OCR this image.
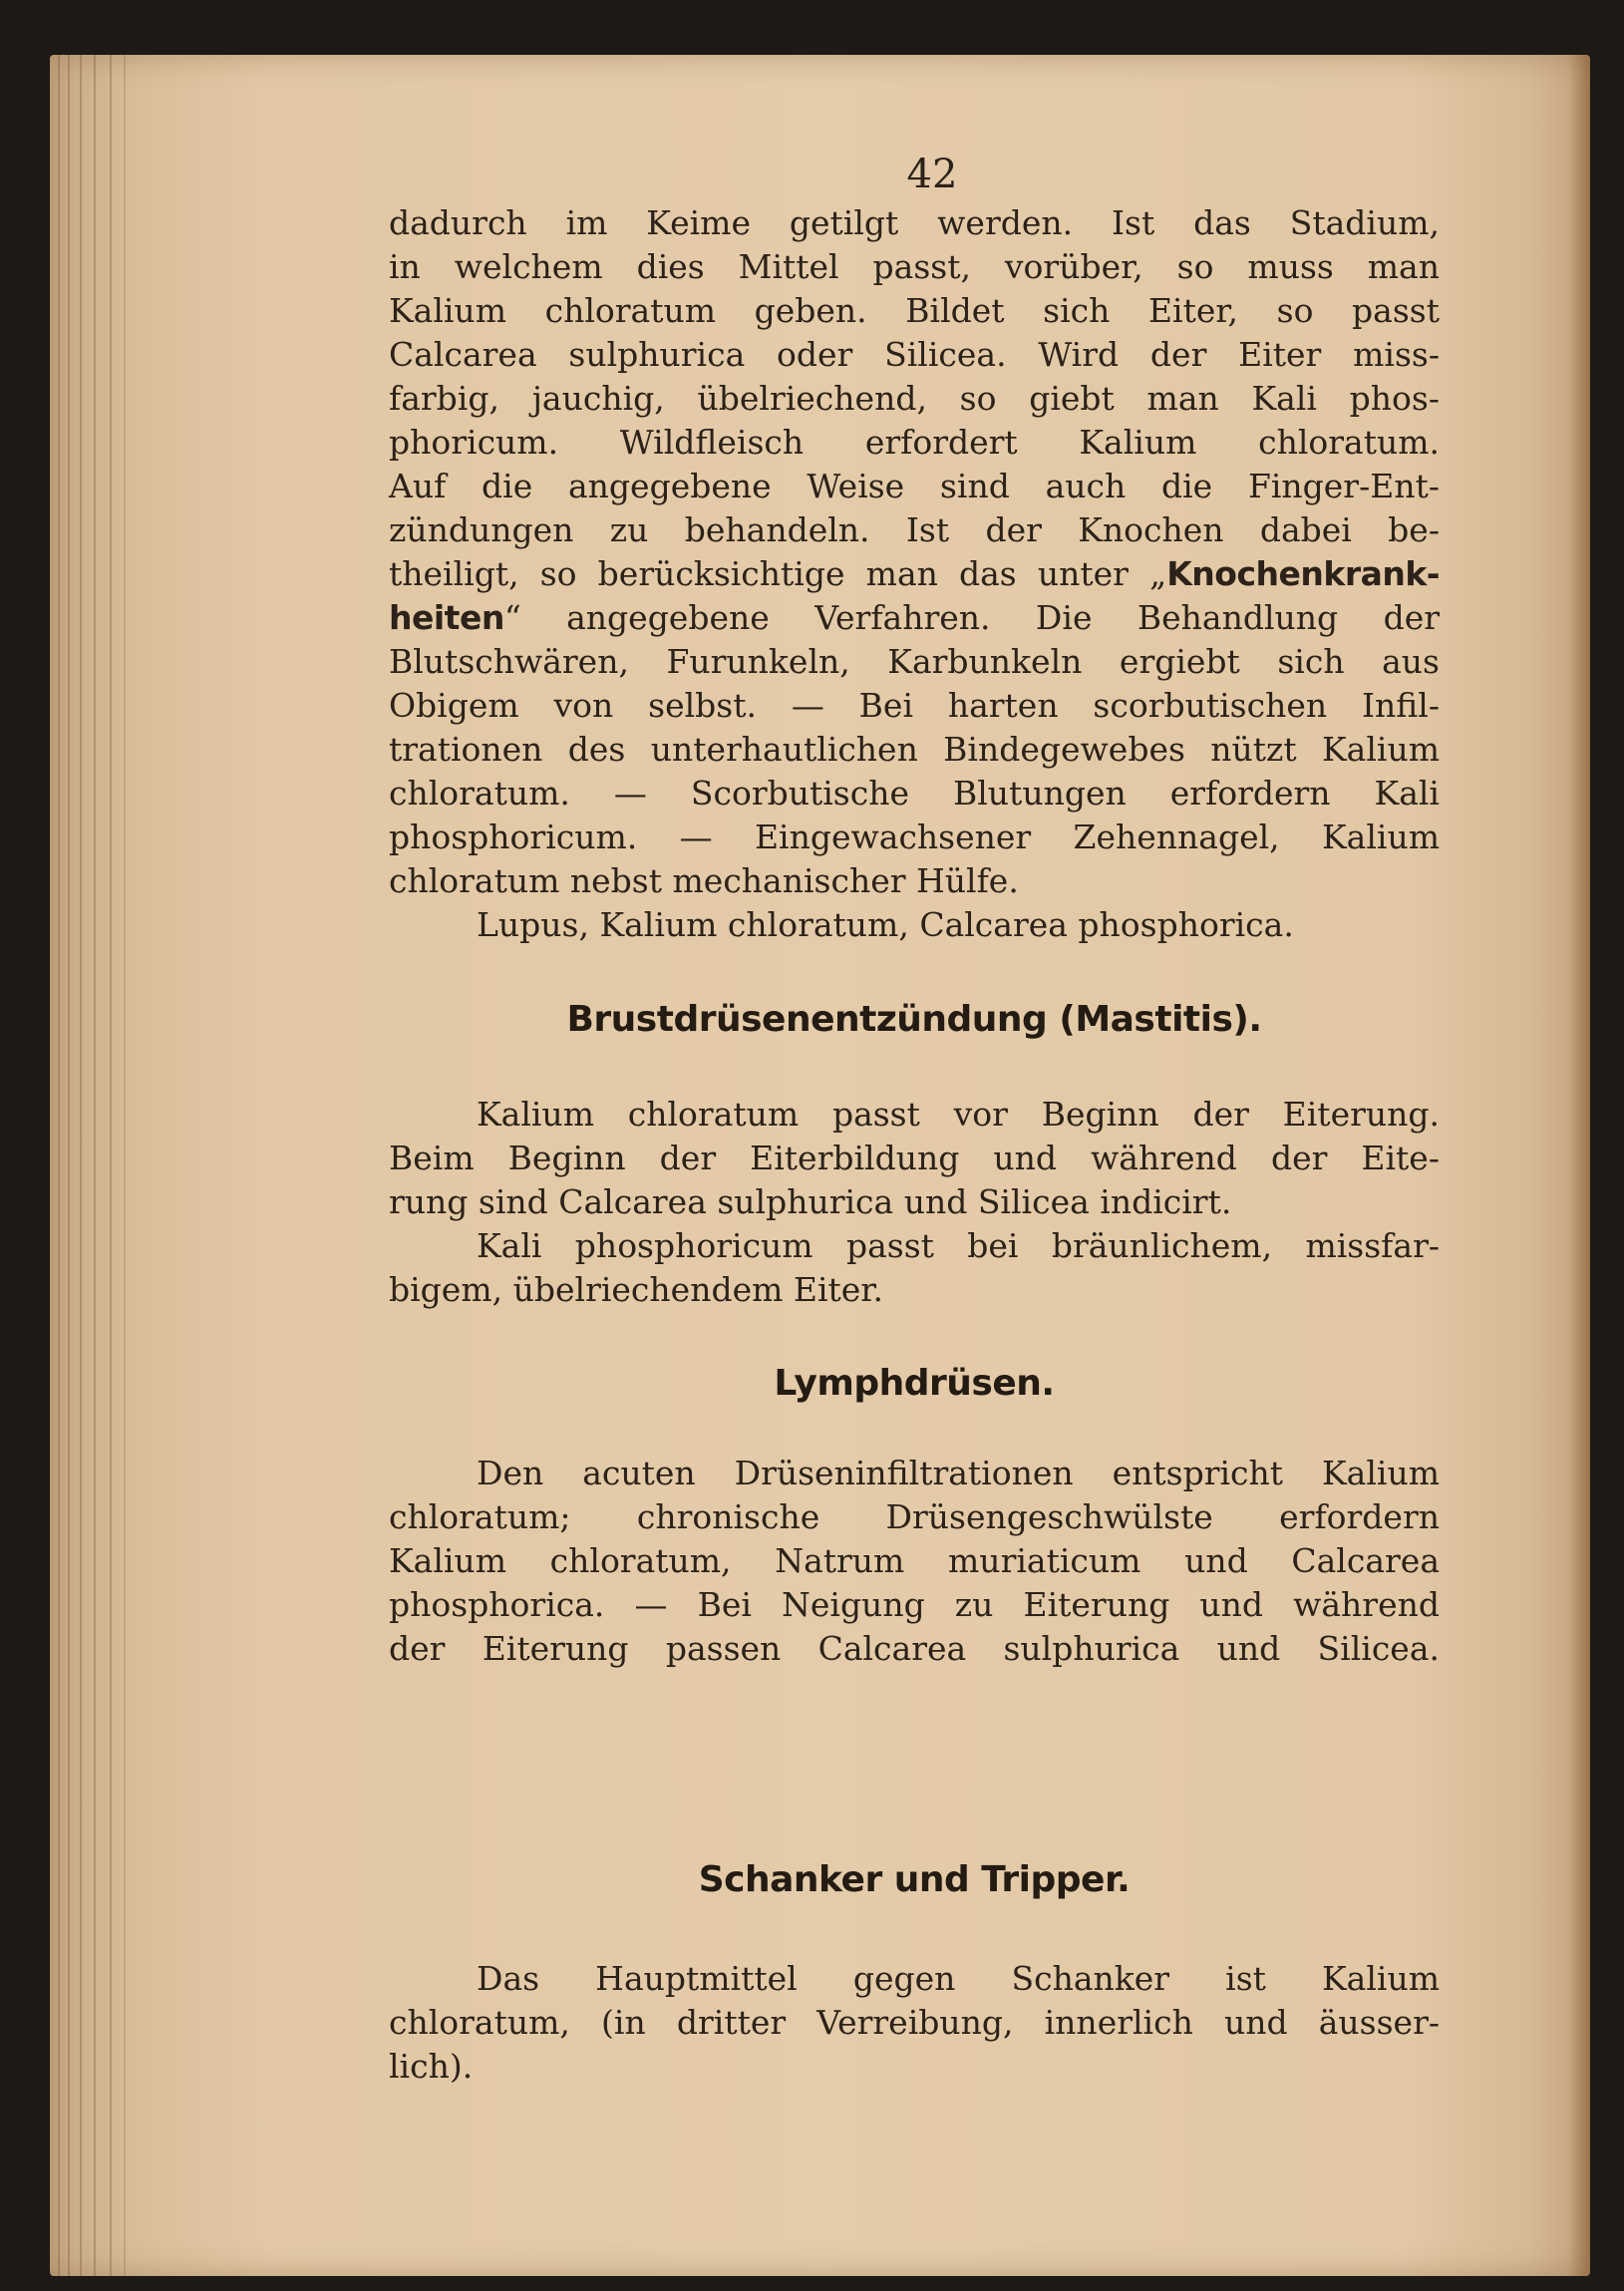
42
dadurch im Keime getilgt werden. Ist das Stadium,
in welchem dies Mittel passt, vorüber, so muss man
Kalium chloratum geben. Bildet sich Eiter, so passt
Calcarea sulphurica oder Silicea. Wird der Eiter miss-
farbig, jauchig, übelriechend, so giebt man Kali phos-
phoricum. Wildfleisch erfordert Kalium chloratum.
Auf die angegebene Weise sind auch die Finger-Ent-
zündungen zu behandeln. Ist der Knochen dabei be-
theiligt, so berücksichtige man das unter „Knochenkrank-
heiten“ angegebene Verfahren. Die Behandlung der
Blutschwären, Furunkeln, Karbunkeln ergiebt sich aus
Obigem von selbst. — Bei harten scorbutischen Infil-
trationen des unterhautlichen Bindegewebes nützt Kalium
chloratum. — Scorbutische Blutungen erfordern Kali
phosphoricum. — Eingewachsener Zehennagel, Kalium
chloratum nebst mechanischer Hülfe.
Lupus, Kalium chloratum, Calcarea phosphorica.
Brustdrüsenentzündung (Mastitis).
Kalium chloratum passt vor Beginn der Eiterung.
Beim Beginn der Eiterbildung und während der Eite-
rung sind Calcarea sulphurica und Silicea indicirt.
Kali phosphoricum passt bei bräunlichem, missfar-
bigem, übelriechendem Eiter.
Lymphdrüsen.
Den acuten Drüseninfiltrationen entspricht Kalium
chloratum; chronische Drüsengeschwülste erfordern
Kalium chloratum, Natrum muriaticum und Calcarea
phosphorica. — Bei Neigung zu Eiterung und während
der Eiterung passen Calcarea sulphurica und Silicea.
Schanker und Tripper.
Das Hauptmittel gegen Schanker ist Kalium
chloratum, (in dritter Verreibung, innerlich und äusser-
lich).
